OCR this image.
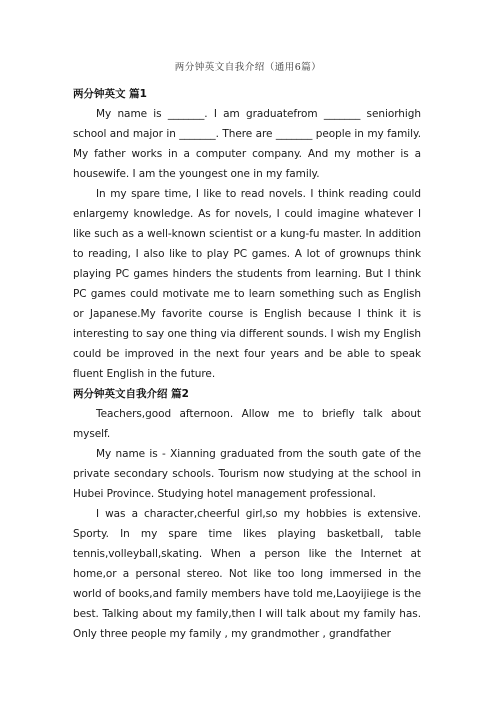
两分钟英文自我介绍（通用6篇）

两分钟英文 篇1

My name is _______. I am graduatefrom _______ seniorhigh school and major in _______. There are _______ people in my family. My father works in a computer company. And my mother is a housewife. I am the youngest one in my family.

In my spare time, I like to read novels. I think reading could enlargemy knowledge. As for novels, I could imagine whatever I like such as a well-known scientist or a kung-fu master. In addition to reading, I also like to play PC games. A lot of grownups think playing PC games hinders the students from learning. But I think PC games could motivate me to learn something such as English or Japanese.My favorite course is English because I think it is interesting to say one thing via different sounds. I wish my English could be improved in the next four years and be able to speak fluent English in the future.

两分钟英文自我介绍 篇2

Teachers,good afternoon. Allow me to briefly talk about myself.

My name is - Xianning graduated from the south gate of the private secondary schools. Tourism now studying at the school in Hubei Province. Studying hotel management professional.

I was a character,cheerful girl,so my hobbies is extensive. Sporty. In my spare time likes playing basketball, table tennis,volleyball,skating. When a person like the Internet at home,or a personal stereo. Not like too long immersed in the world of books,and family members have told me,Laoyijiege is the best. Talking about my family,then I will talk about my family has. Only three people my family , my grandmother , grandfather
